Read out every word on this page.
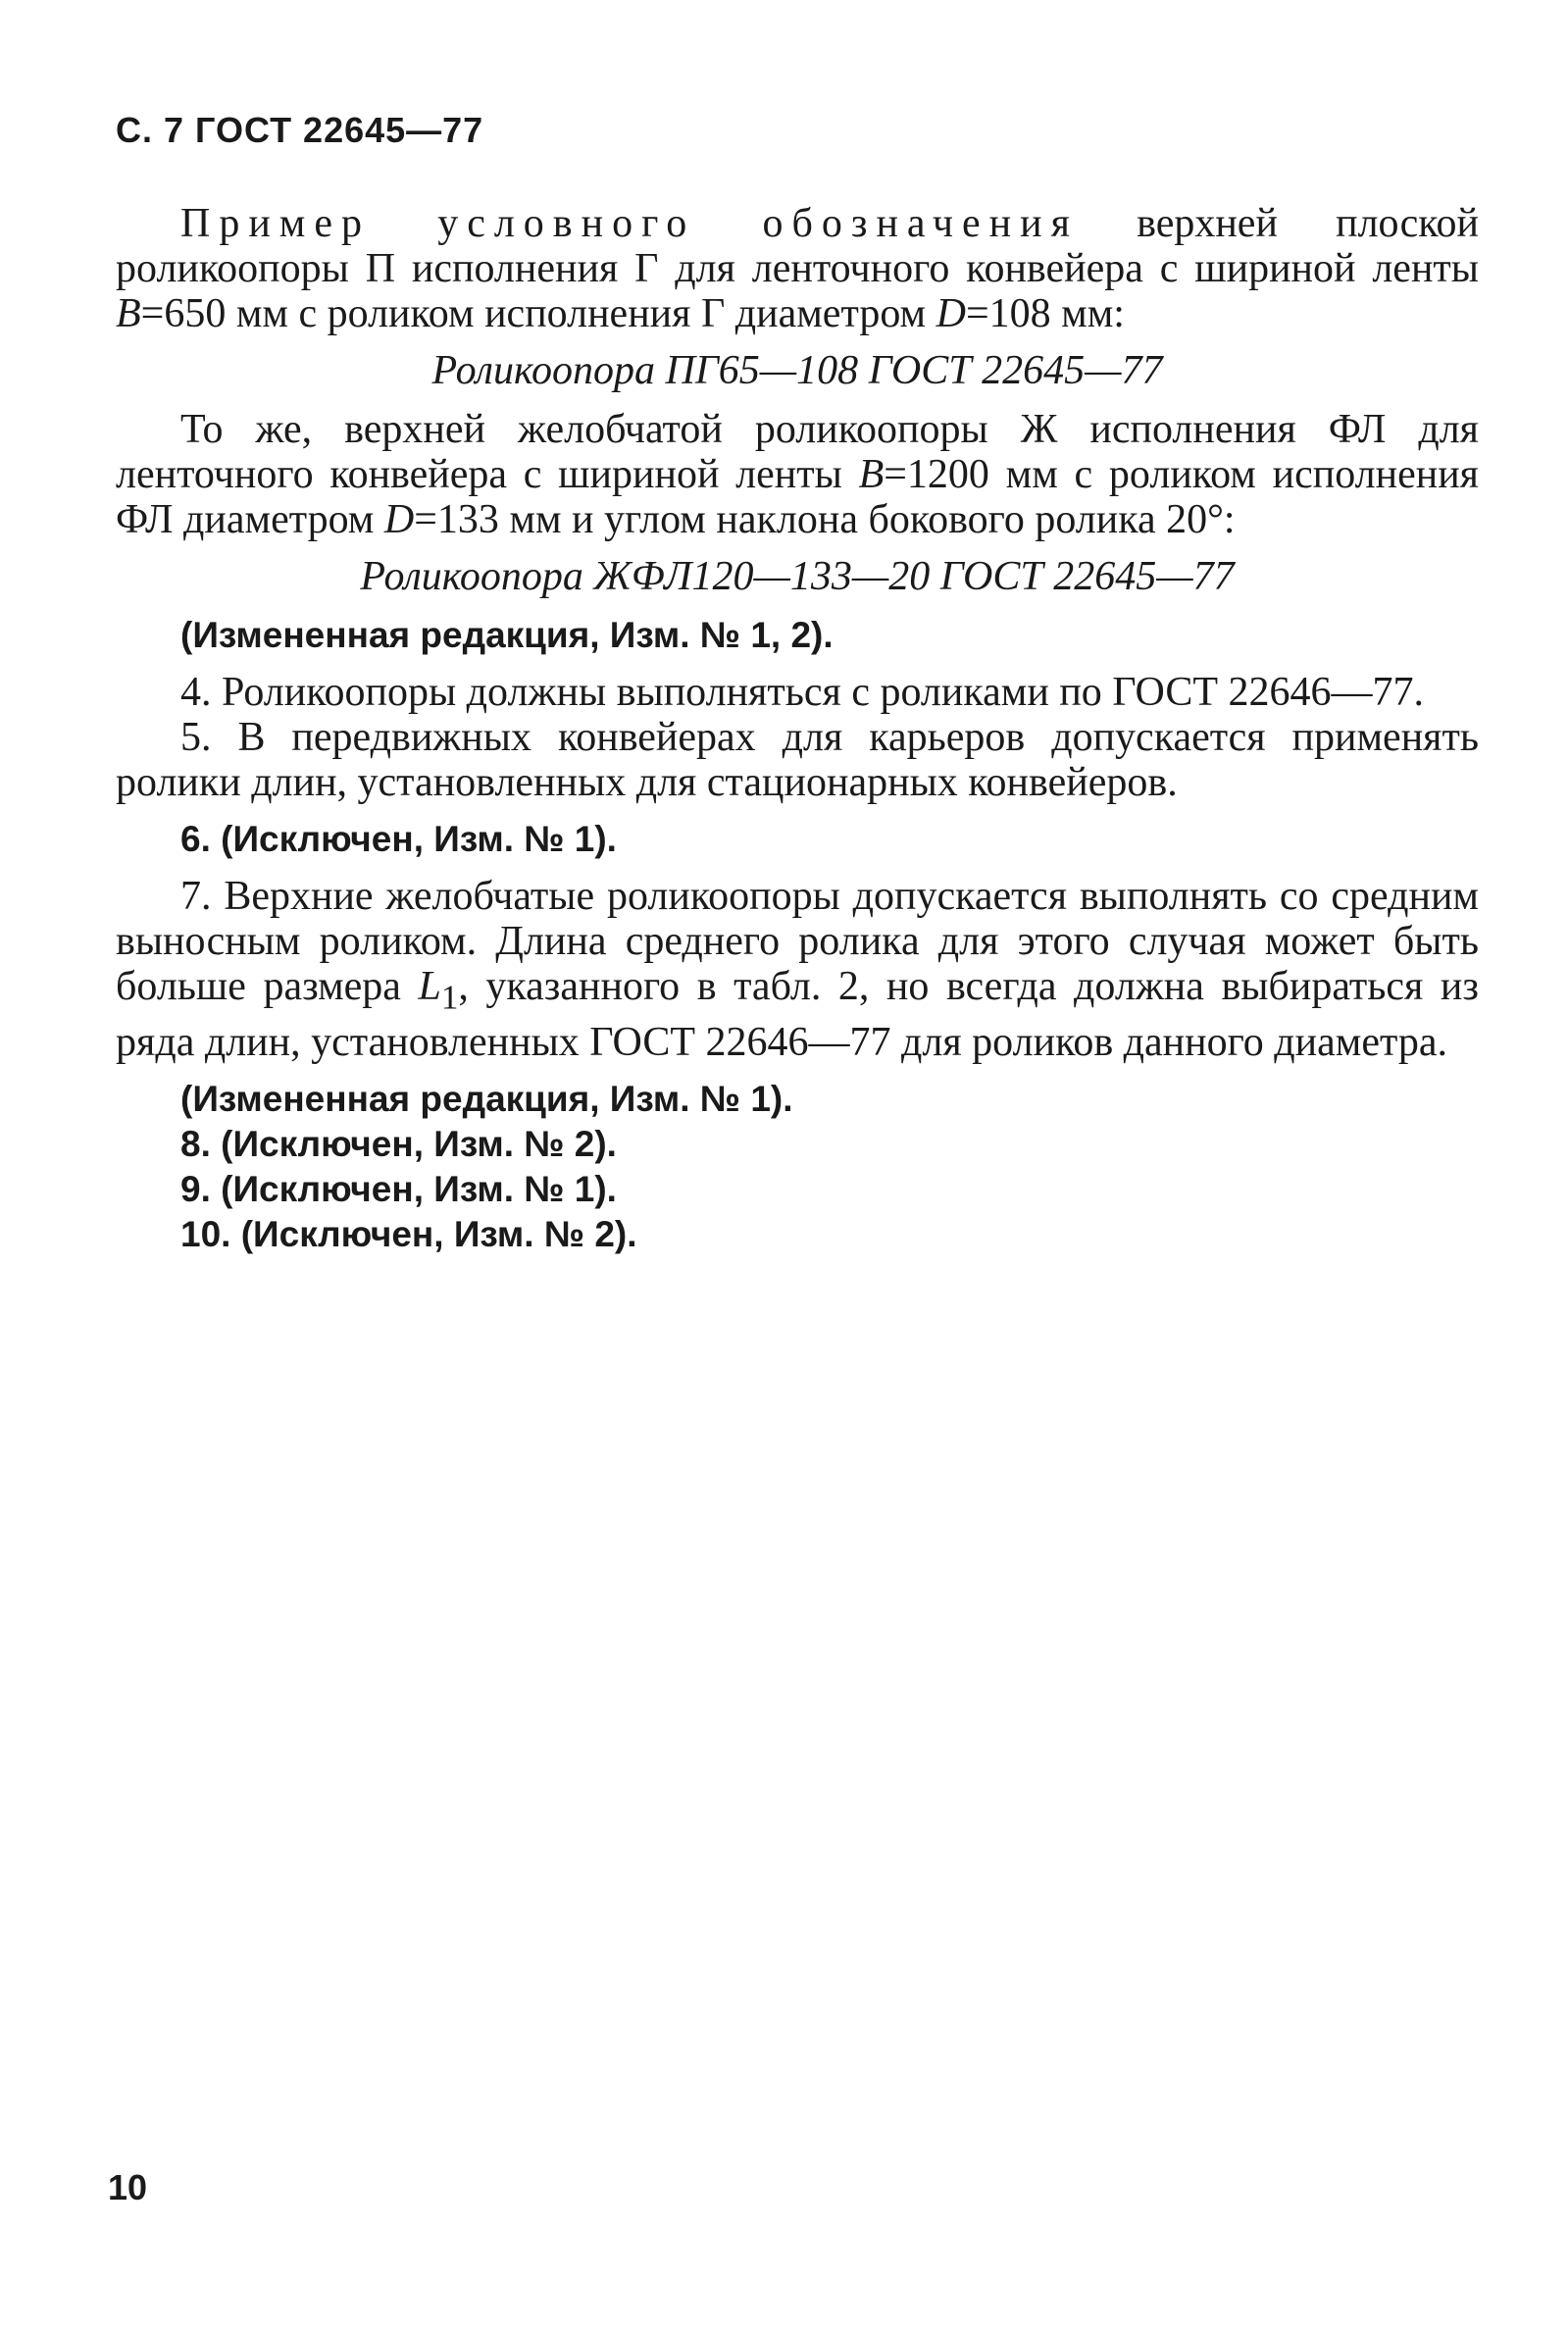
С. 7 ГОСТ 22645—77

Пример условного обозначения верхней плоской роликоопоры П исполнения Г для ленточного конвейера с шириной ленты B=650 мм с роликом исполнения Г диаметром D=108 мм:

Роликоопора ПГ65—108 ГОСТ 22645—77

То же, верхней желобчатой роликоопоры Ж исполнения ФЛ для ленточного конвейера с шириной ленты B=1200 мм с роликом исполнения ФЛ диаметром D=133 мм и углом наклона бокового ролика 20°:

Роликоопора ЖФЛ120—133—20 ГОСТ 22645—77

(Измененная редакция, Изм. № 1, 2).

4. Роликоопоры должны выполняться с роликами по ГОСТ 22646—77.

5. В передвижных конвейерах для карьеров допускается применять ролики длин, установленных для стационарных конвейеров.

6. (Исключен, Изм. № 1).

7. Верхние желобчатые роликоопоры допускается выполнять со средним выносным роликом. Длина среднего ролика для этого случая может быть больше размера $L_1$, указанного в табл. 2, но всегда должна выбираться из ряда длин, установленных ГОСТ 22646—77 для роликов данного диаметра.

(Измененная редакция, Изм. № 1).

8. (Исключен, Изм. № 2).

9. (Исключен, Изм. № 1).

10. (Исключен, Изм. № 2).

10
